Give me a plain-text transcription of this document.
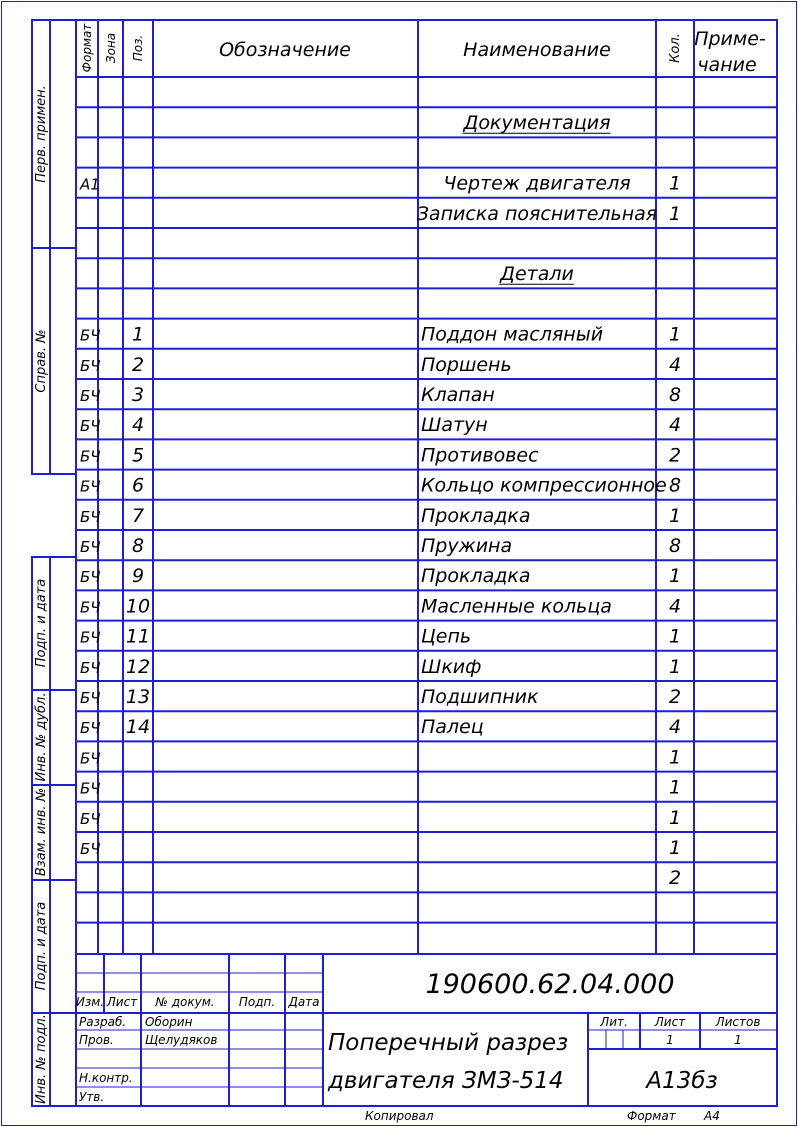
Перв. примен.
Справ. №
Подп. и дата
Инв. № дубл.
Взам. инв. №
Подп. и дата
Инв. № подл.
Формат Зона Поз.	Обозначение	Наименование	Кол. Приме-
чание
Документация
А1	Чертеж двигателя 1
Записка пояснительная 1
Детали
БЧ 1	Поддон масляный	1
БЧ 2	Поршень	4
БЧ 3	Клапан	8
БЧ 4	Шатун	4
БЧ 5	Противовес	2
БЧ 6	Кольцо компрессионное 8
БЧ 7	Прокладка	1
БЧ 8	Пружина	8
БЧ 9	Прокладка	1
БЧ 10	Масленные кольца	4
БЧ 11	Цепь	1
БЧ 12	Шкиф	1
БЧ 13	Подшипник	2
БЧ 14	Палец	4
БЧ	1
БЧ	1
БЧ	1
БЧ	1
2
190600.62.04.000
Изм. Лист № докум. Подп. Дата
Разраб. Оборин
Пров.	Щелудяков
Н.контр.
Утв.
Поперечный разрез
двигателя ЗМЗ-514
Лит. Лист	Листов
1	1
А13бз
Копировал	Формат А4
